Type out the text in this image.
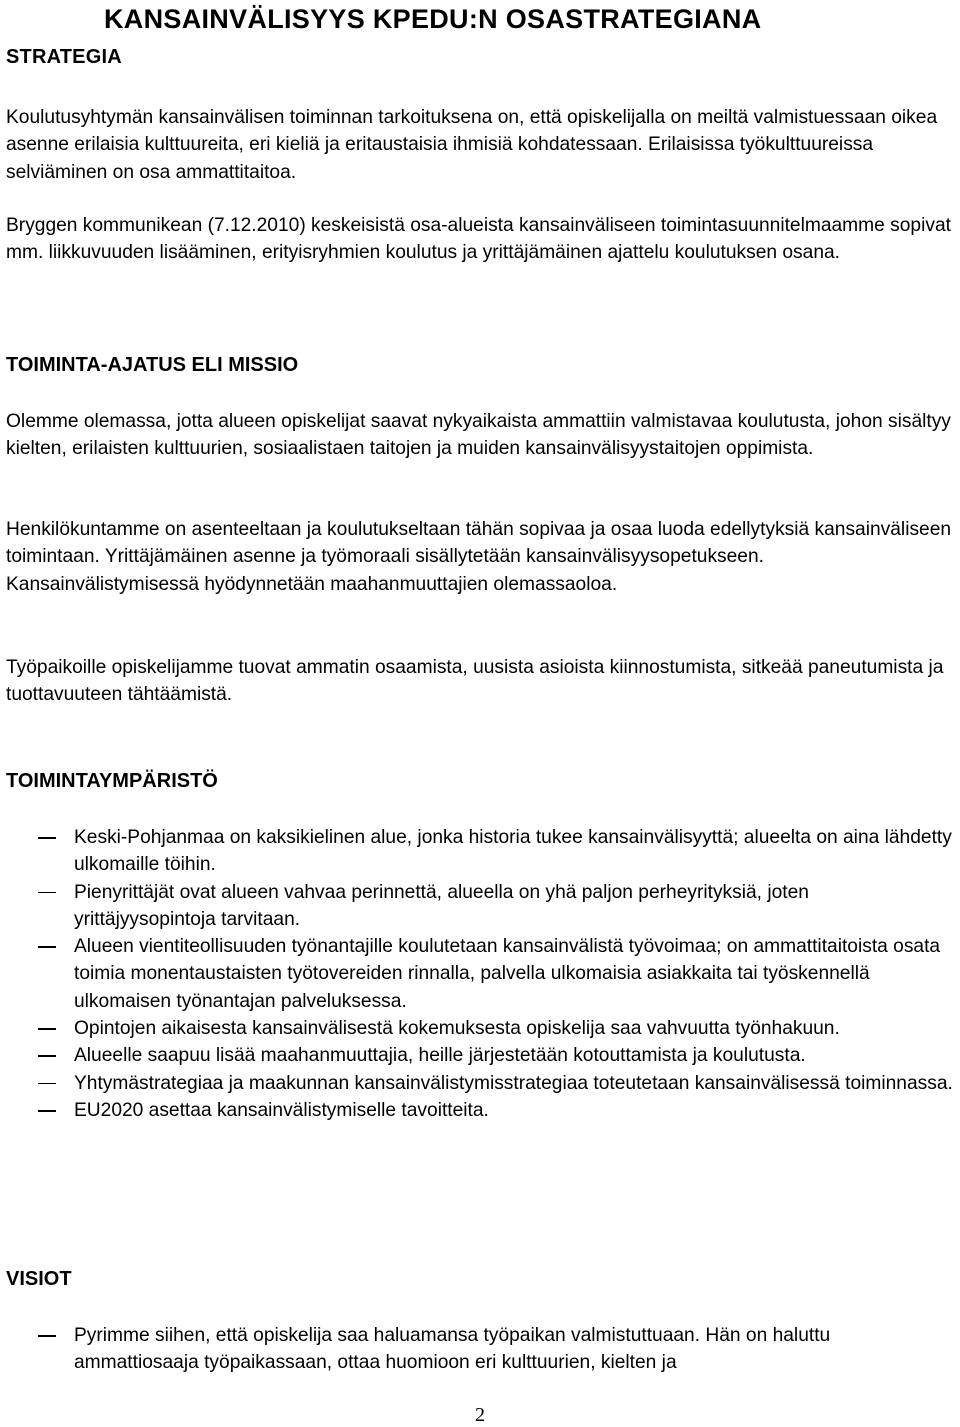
STRATEGIA
KANSAINVÄLISYYS KPEDU:N OSASTRATEGIANA

Koulutusyhtymän kansainvälisen toiminnan tarkoituksena on, että opiskelijalla on meiltä valmistuessaan oikea asenne erilaisia kulttuureita, eri kieliä ja eritaustaisia ihmisiä kohdatessaan. Erilaisissa työkulttuureissa selviäminen on osa ammattitaitoa.

Bryggen kommunikean (7.12.2010) keskeisistä osa-alueista kansainväliseen toimintasuunnitelmaamme sopivat mm. liikkuvuuden lisääminen, erityisryhmien koulutus ja yrittäjämäinen ajattelu koulutuksen osana.

TOIMINTA-AJATUS ELI MISSIO

Olemme olemassa, jotta alueen opiskelijat saavat nykyaikaista ammattiin valmistavaa koulutusta, johon sisältyy kielten, erilaisten kulttuurien, sosiaalistaen taitojen ja muiden kansainvälisyystaitojen oppimista.

Henkilökuntamme on asenteeltaan ja koulutukseltaan tähän sopivaa ja osaa luoda edellytyksiä kansainväliseen toimintaan. Yrittäjämäinen asenne ja työmoraali sisällytetään kansainvälisyysopetukseen. Kansainvälistymisessä hyödynnetään maahanmuuttajien olemassaoloa.

Työpaikoille opiskelijamme tuovat ammatin osaamista, uusista asioista kiinnostumista, sitkeää paneutumista ja tuottavuuteen tähtäämistä.

TOIMINTAYMPÄRISTÖ
Keski-Pohjanmaa on kaksikielinen alue, jonka historia tukee kansainvälisyyttä; alueelta on aina lähdetty ulkomaille töihin.
Pienyrittäjät ovat alueen vahvaa perinnettä, alueella on yhä paljon perheyrityksiä, joten yrittäjyysopintoja tarvitaan.
Alueen vientiteollisuuden työnantajille koulutetaan kansainvälistä työvoimaa; on ammattitaitoista osata toimia monentaustaisten työtovereiden rinnalla, palvella ulkomaisia asiakkaita tai työskennellä ulkomaisen työnantajan palveluksessa.
Opintojen aikaisesta kansainvälisestä kokemuksesta opiskelija saa vahvuutta työnhakuun.
Alueelle saapuu lisää maahanmuuttajia, heille järjestetään kotouttamista ja koulutusta.
Yhtymästrategiaa ja maakunnan kansainvälistymisstrategiaa toteutetaan kansainvälisessä toiminnassa.
EU2020 asettaa kansainvälistymiselle tavoitteita.
VISIOT
Pyrimme siihen, että opiskelija saa haluamansa työpaikan valmistuttuaan. Hän on haluttu ammattiosaaja työpaikassaan, ottaa huomioon eri kulttuurien, kielten ja
2
